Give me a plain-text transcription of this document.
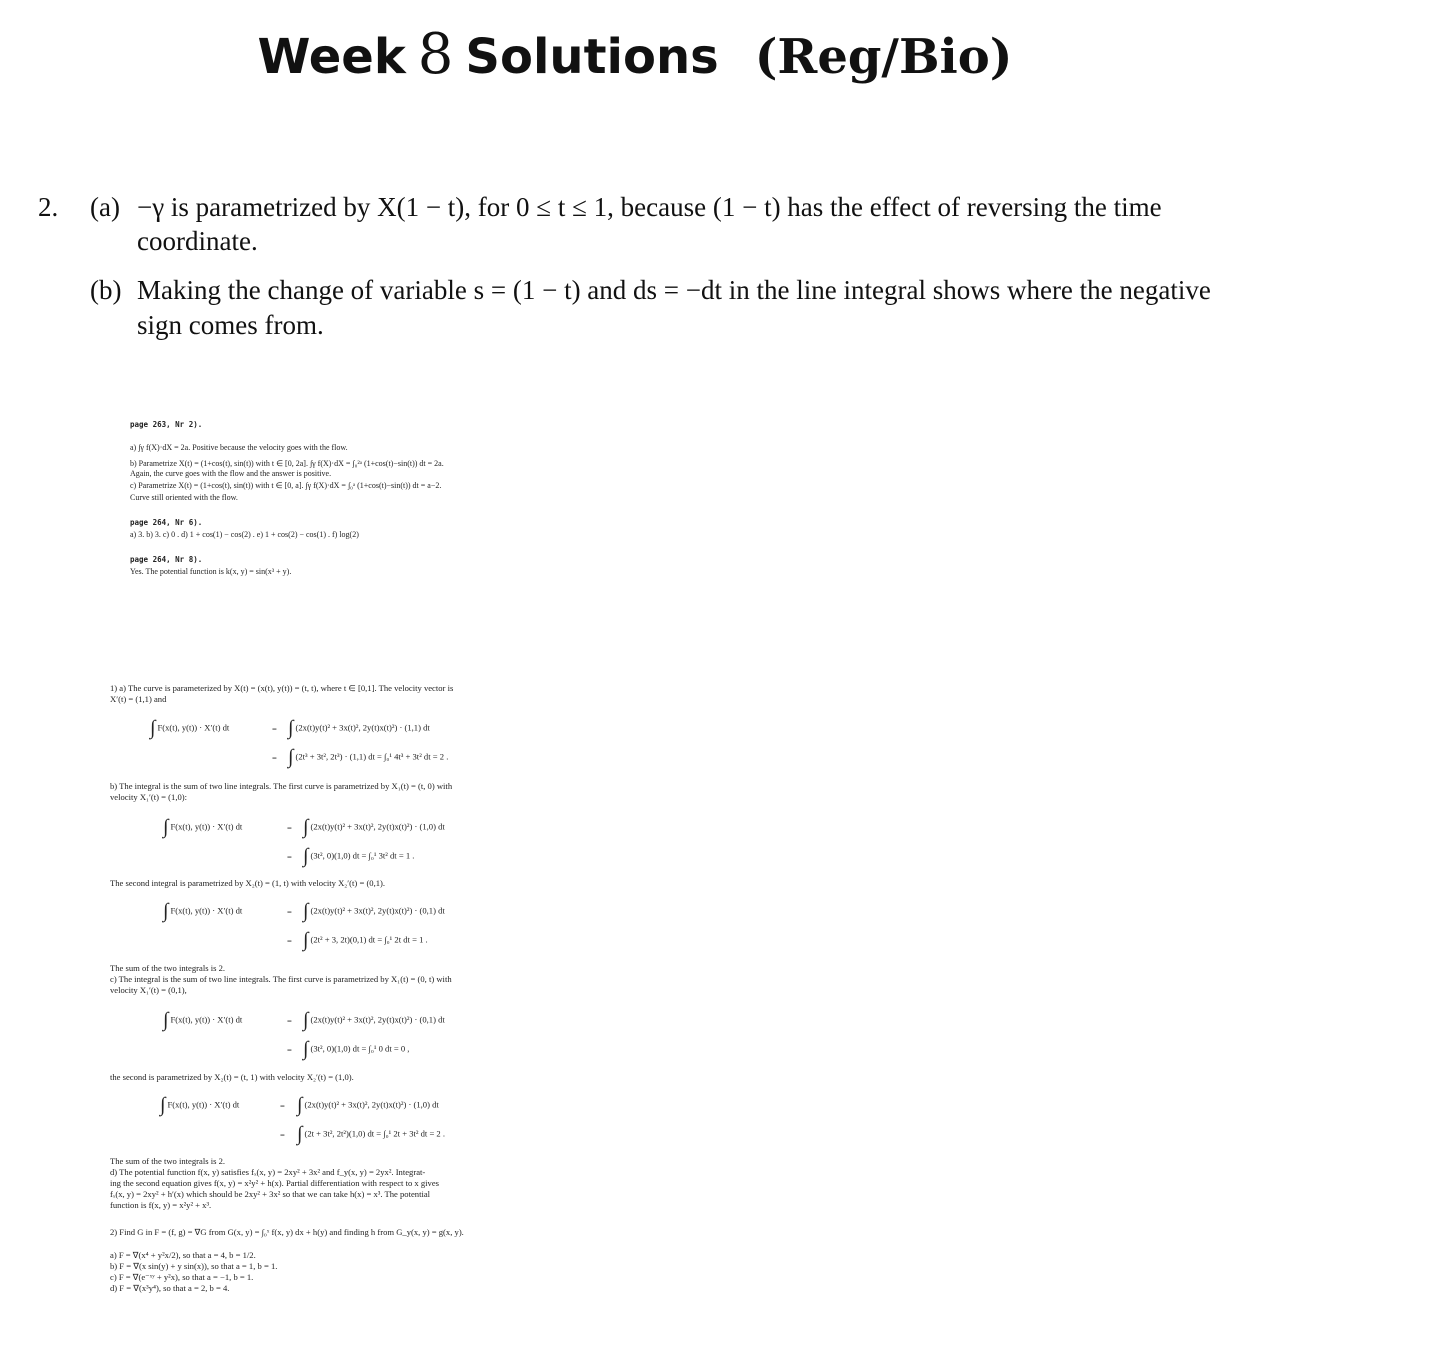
Week 8 Solutions (Reg/Bio)
2. (a) −γ is parametrized by X(1 − t), for 0 ≤ t ≤ 1, because (1 − t) has the effect of reversing the time
coordinate.
(b) Making the change of variable s = (1 − t) and ds = −dt in the line integral shows where the negative
sign comes from.
page 263, Nr 2).
a) ∫γ f(X)·dX = 2a. Positive because the velocity goes with the flow.
b) Parametrize X(t) = (1+cos(t), sin(t)) with t ∈ [0, 2a]. ∫γ f(X)·dX = ∫₀²ᵃ (1+cos(t)−sin(t)) dt = 2a.
Again, the curve goes with the flow and the answer is positive.
c) Parametrize X(t) = (1+cos(t), sin(t)) with t ∈ [0, a]. ∫γ f(X)·dX = ∫₀ᵃ (1+cos(t)−sin(t)) dt = a−2.
Curve still oriented with the flow.
page 264, Nr 6).
a) 3. b) 3. c) 0 . d) 1 + cos(1) − cos(2) . e) 1 + cos(2) − cos(1) . f) log(2)
page 264, Nr 8).
Yes. The potential function is k(x, y) = sin(x³ + y).
1) a) The curve is parameterized by X(t) = (x(t), y(t)) = (t, t), where t ∈ [0,1]. The velocity vector is
X′(t) = (1,1) and
∫ F(x(t), y(t)) · X′(t) dt	= ∫ (2x(t)y(t)² + 3x(t)², 2y(t)x(t)²) · (1,1) dt
= ∫ (2t³ + 3t², 2t³) · (1,1) dt = ∫₀¹ 4t³ + 3t² dt = 2 .
b) The integral is the sum of two line integrals. The first curve is parametrized by X₁(t) = (t, 0) with
velocity X₁′(t) = (1,0):
∫ F(x(t), y(t)) · X′(t) dt	= ∫ (2x(t)y(t)² + 3x(t)², 2y(t)x(t)²) · (1,0) dt
= ∫ (3t², 0)(1,0) dt = ∫₀¹ 3t² dt = 1 .
The second integral is parametrized by X₂(t) = (1, t) with velocity X₂′(t) = (0,1).
∫ F(x(t), y(t)) · X′(t) dt	= ∫ (2x(t)y(t)² + 3x(t)², 2y(t)x(t)²) · (0,1) dt
= ∫ (2t² + 3, 2t)(0,1) dt = ∫₀¹ 2t dt = 1 .
The sum of the two integrals is 2.
c) The integral is the sum of two line integrals. The first curve is parametrized by X₁(t) = (0, t) with
velocity X₁′(t) = (0,1),
∫ F(x(t), y(t)) · X′(t) dt	= ∫ (2x(t)y(t)² + 3x(t)², 2y(t)x(t)²) · (0,1) dt
= ∫ (3t², 0)(1,0) dt = ∫₀¹ 0 dt = 0 ,
the second is parametrized by X₂(t) = (t, 1) with velocity X₂′(t) = (1,0).
∫ F(x(t), y(t)) · X′(t) dt	= ∫ (2x(t)y(t)² + 3x(t)², 2y(t)x(t)²) · (1,0) dt
= ∫ (2t + 3t², 2t²)(1,0) dt = ∫₀¹ 2t + 3t² dt = 2 .
The sum of the two integrals is 2.
d) The potential function f(x, y) satisfies fₓ(x, y) = 2xy² + 3x² and f_y(x, y) = 2yx². Integrat-
ing the second equation gives f(x, y) = x²y² + h(x). Partial differentiation with respect to x gives
fₓ(x, y) = 2xy² + h′(x) which should be 2xy² + 3x² so that we can take h(x) = x³. The potential
function is f(x, y) = x²y² + x³.
2) Find G in F = (f, g) = ∇G from G(x, y) = ∫₀ˣ f(x, y) dx + h(y) and finding h from G_y(x, y) = g(x, y).
a) F = ∇(x⁴ + y²x/2), so that a = 4, b = 1/2.
b) F = ∇(x sin(y) + y sin(x)), so that a = 1, b = 1.
c) F = ∇(e⁻ˣʸ + y²x), so that a = −1, b = 1.
d) F = ∇(x³y⁴), so that a = 2, b = 4.
